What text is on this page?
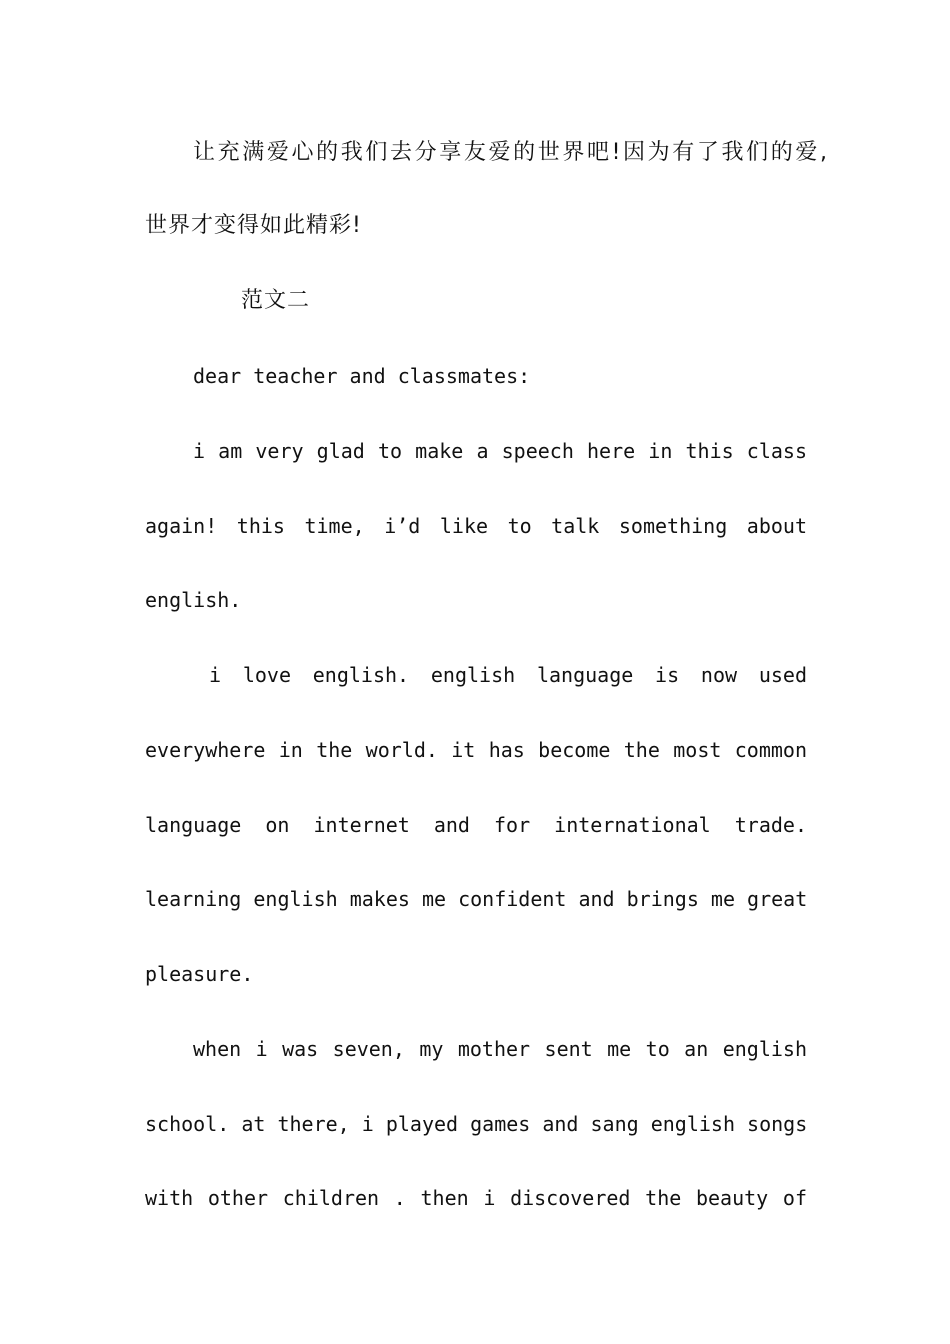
让充满爱心的我们去分享友爱的世界吧!因为有了我们的爱,

世界才变得如此精彩!

范文二

dear teacher and classmates:

i am very glad to make a speech here in this class

again! this time, i’d like to talk something about

english.

i love english. english language is now used

everywhere in the world. it has become the most common

language on internet and for international trade.

learning english makes me confident and brings me great

pleasure.

when i was seven, my mother sent me to an english

school. at there, i played games and sang english songs

with other children . then i discovered the beauty of
